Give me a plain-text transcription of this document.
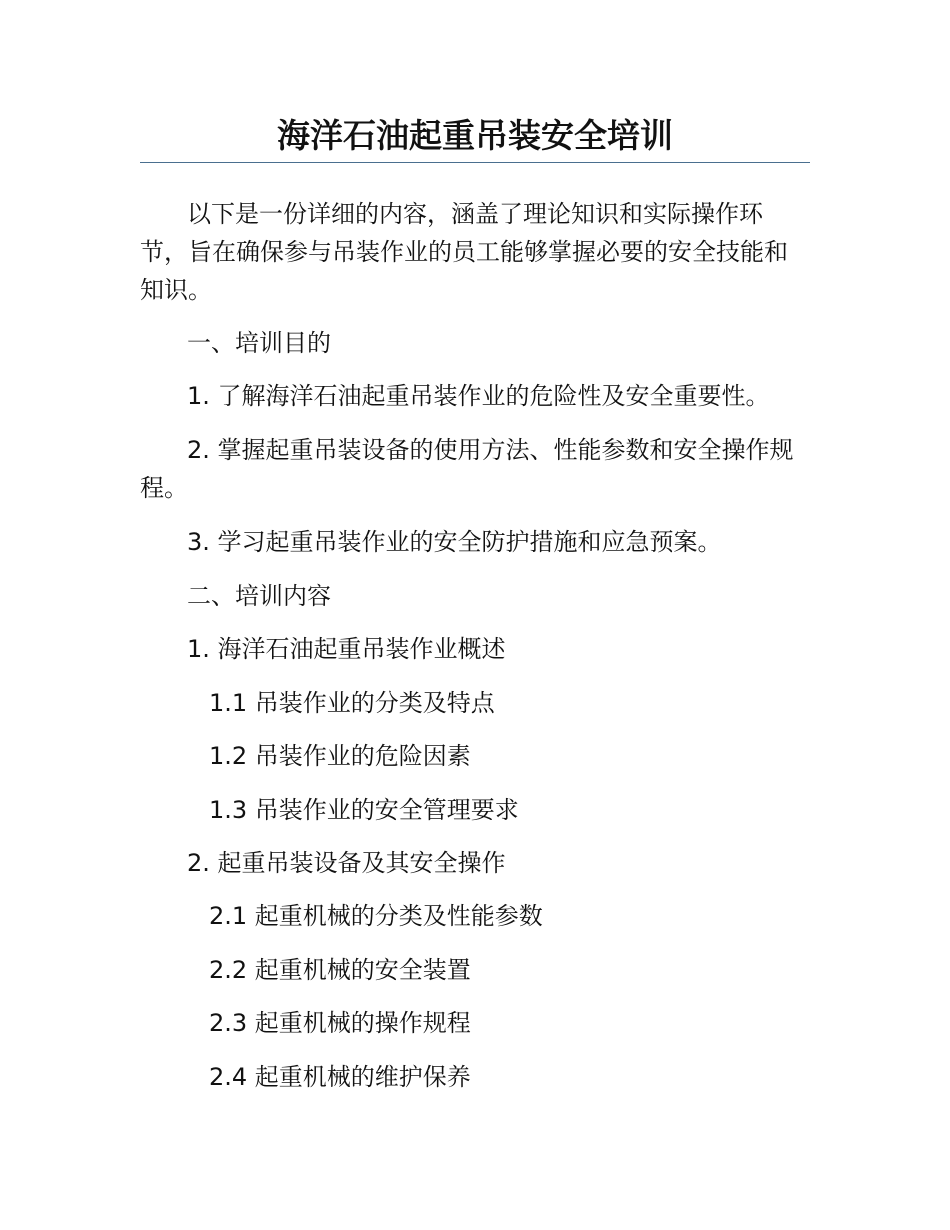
海洋石油起重吊装安全培训

以下是一份详细的内容，涵盖了理论知识和实际操作环节，旨在确保参与吊装作业的员工能够掌握必要的安全技能和知识。

一、培训目的

1. 了解海洋石油起重吊装作业的危险性及安全重要性。

2. 掌握起重吊装设备的使用方法、性能参数和安全操作规程。

3. 学习起重吊装作业的安全防护措施和应急预案。

二、培训内容

1. 海洋石油起重吊装作业概述

1.1 吊装作业的分类及特点

1.2 吊装作业的危险因素

1.3 吊装作业的安全管理要求

2. 起重吊装设备及其安全操作

2.1 起重机械的分类及性能参数

2.2 起重机械的安全装置

2.3 起重机械的操作规程

2.4 起重机械的维护保养
